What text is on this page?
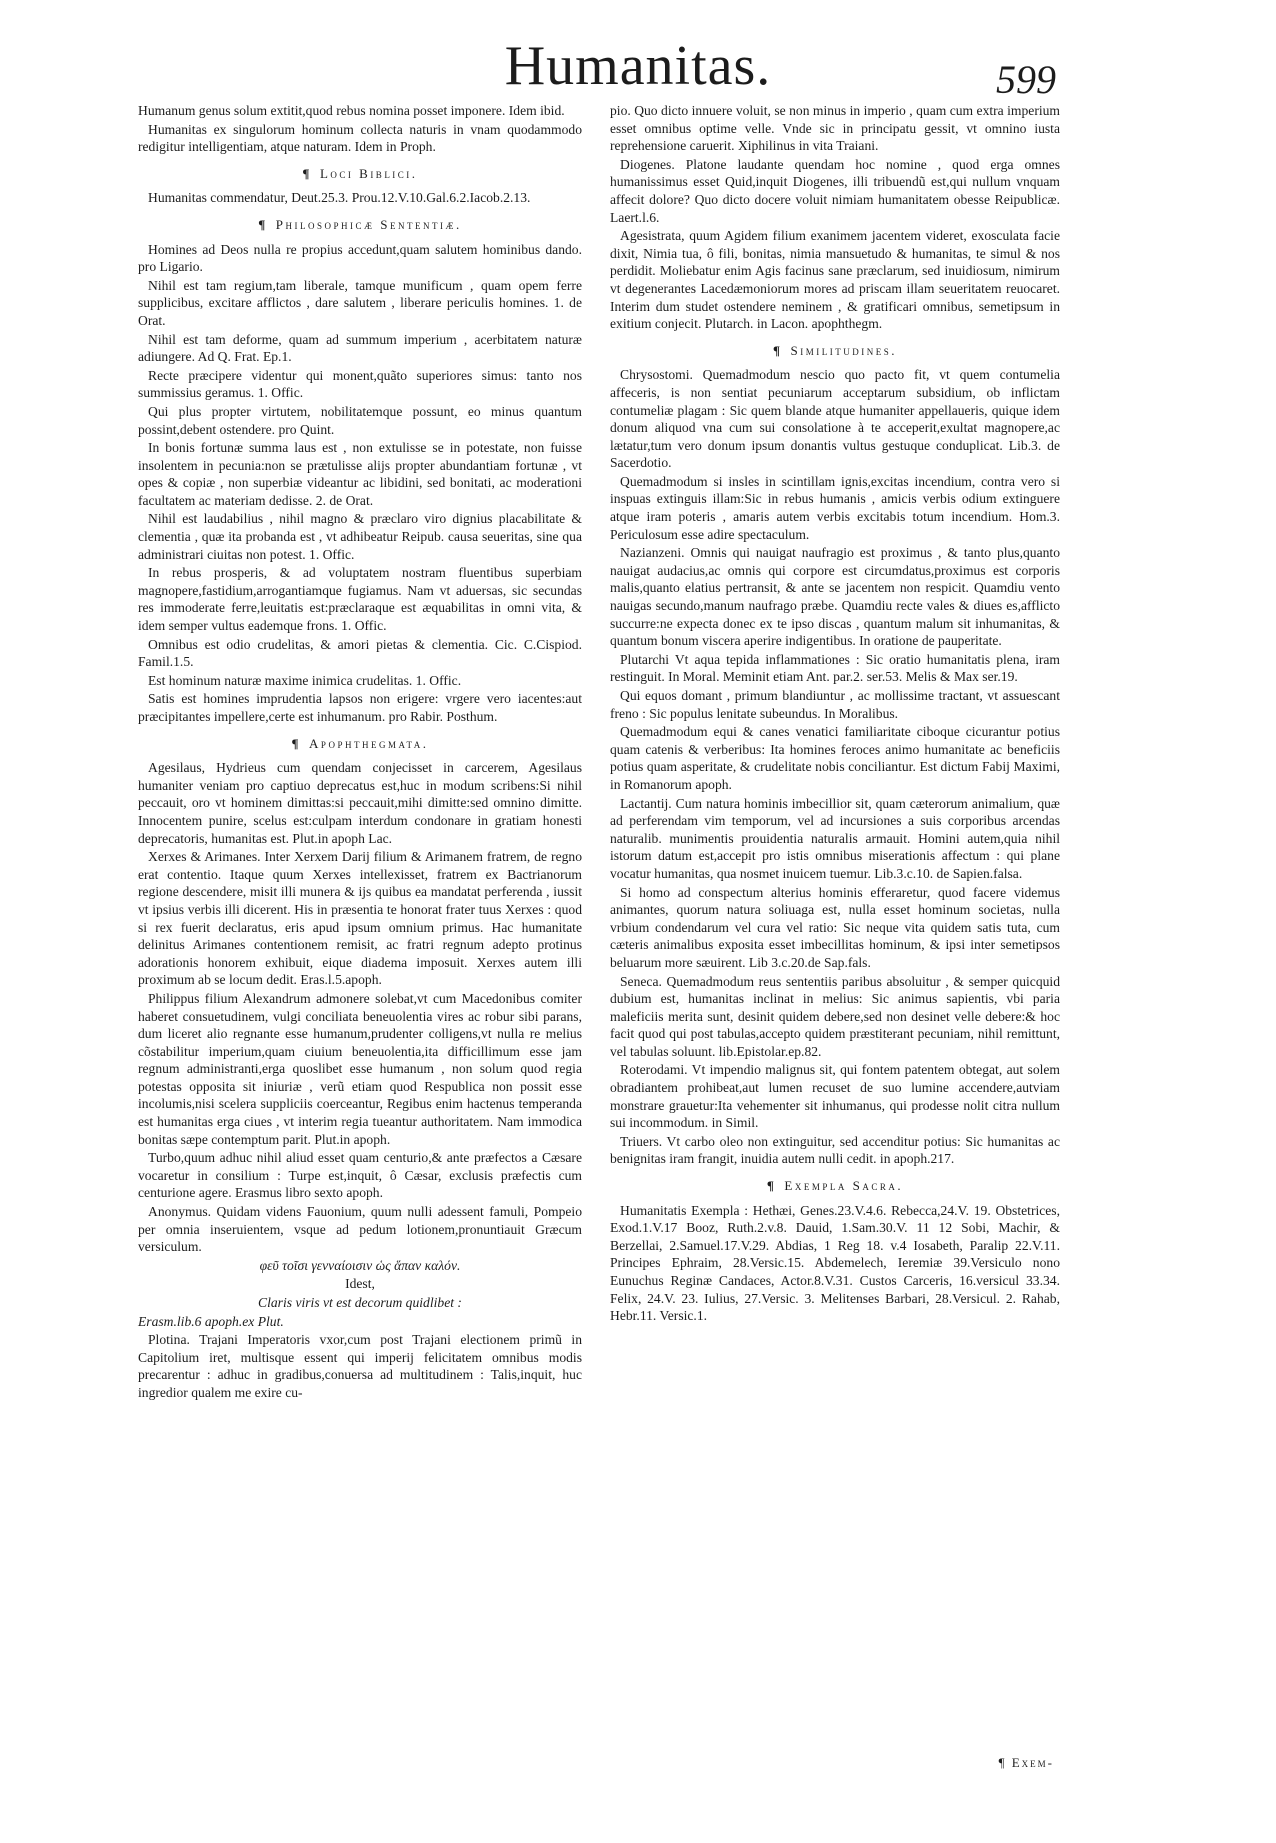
Humanitas.	599

Humanum genus solum extitit,quod rebus nomina posset imponere. Idem ibid.

Humanitas ex singulorum hominum collecta naturis in vnam quodammodo redigitur intelligentiam, atque naturam. Idem in Proph.

¶ Loci Biblici.

Humanitas commendatur, Deut.25.3. Prou.12.V.10.Gal.6.2.Iacob.2.13.

¶ Philosophicæ Sententiæ.

Homines ad Deos nulla re propius accedunt,quam salutem hominibus dando. pro Ligario.

Nihil est tam regium,tam liberale, tamque munificum , quam opem ferre supplicibus, excitare afflictos , dare salutem , liberare periculis homines. 1. de Orat.

Nihil est tam deforme, quam ad summum imperium , acerbitatem naturæ adiungere. Ad Q. Frat. Ep.1.

Recte præcipere videntur qui monent,quãto superiores simus: tanto nos summissius geramus. 1. Offic.

Qui plus propter virtutem, nobilitatemque possunt, eo minus quantum possint,debent ostendere. pro Quint.

In bonis fortunæ summa laus est , non extulisse se in potestate, non fuisse insolentem in pecunia:non se prætulisse alijs propter abundantiam fortunæ , vt opes & copiæ , non superbiæ videantur ac libidini, sed bonitati, ac moderationi facultatem ac materiam dedisse. 2. de Orat.

Nihil est laudabilius , nihil magno & præclaro viro dignius placabilitate & clementia , quæ ita probanda est , vt adhibeatur Reipub. causa seueritas, sine qua administrari ciuitas non potest. 1. Offic.

In rebus prosperis, & ad voluptatem nostram fluentibus superbiam magnopere,fastidium,arrogantiamque fugiamus. Nam vt aduersas, sic secundas res immoderate ferre,leuitatis est:præclaraque est æquabilitas in omni vita, & idem semper vultus eademque frons. 1. Offic.

Omnibus est odio crudelitas, & amori pietas & clementia. Cic. C.Cispiod. Famil.1.5.

Est hominum naturæ maxime inimica crudelitas. 1. Offic.

Satis est homines imprudentia lapsos non erigere: vrgere vero iacentes:aut præcipitantes impellere,certe est inhumanum. pro Rabir. Posthum.

¶ Apophthegmata.

Agesilaus, Hydrieus cum quendam conjecisset in carcerem, Agesilaus humaniter veniam pro captiuo deprecatus est,huc in modum scribens:Si nihil peccauit, oro vt hominem dimittas:si peccauit,mihi dimitte:sed omnino dimitte. Innocentem punire, scelus est:culpam interdum condonare in gratiam honesti deprecatoris, humanitas est. Plut.in apoph Lac.

Xerxes & Arimanes. Inter Xerxem Darij filium & Arimanem fratrem, de regno erat contentio. Itaque quum Xerxes intellexisset, fratrem ex Bactrianorum regione descendere, misit illi munera & ijs quibus ea mandatat perferenda , iussit vt ipsius verbis illi dicerent. His in præsentia te honorat frater tuus Xerxes : quod si rex fuerit declaratus, eris apud ipsum omnium primus. Hac humanitate delinitus Arimanes contentionem remisit, ac fratri regnum adepto protinus adorationis honorem exhibuit, eique diadema imposuit. Xerxes autem illi proximum ab se locum dedit. Eras.l.5.apoph.

Philippus filium Alexandrum admonere solebat,vt cum Macedonibus comiter haberet consuetudinem, vulgi conciliata beneuolentia vires ac robur sibi parans, dum liceret alio regnante esse humanum,prudenter colligens,vt nulla re melius cõstabilitur imperium,quam ciuium beneuolentia,ita difficillimum esse jam regnum administranti,erga quoslibet esse humanum , non solum quod regia potestas opposita sit iniuriæ , verũ etiam quod Respublica non possit esse incolumis,nisi scelera suppliciis coerceantur, Regibus enim hactenus temperanda est humanitas erga ciues , vt interim regia tueantur authoritatem. Nam immodica bonitas sæpe contemptum parit. Plut.in apoph.

Turbo,quum adhuc nihil aliud esset quam centurio,& ante præfectos a Cæsare vocaretur in consilium : Turpe est,inquit, ô Cæsar, exclusis præfectis cum centurione agere. Erasmus libro sexto apoph.

Anonymus. Quidam videns Fauonium, quum nulli adessent famuli, Pompeio per omnia inseruientem, vsque ad pedum lotionem,pronuntiauit Græcum versiculum.

φεῦ τοῖσι γενναίοισιν ὡς ἅπαν καλόν.
Idest,
Claris viris vt est decorum quidlibet :

Erasm.lib.6 apoph.ex Plut.

Plotina. Trajani Imperatoris vxor,cum post Trajani electionem primũ in Capitolium iret, multisque essent qui imperij felicitatem omnibus modis precarentur : adhuc in gradibus,conuersa ad multitudinem : Talis,inquit, huc ingredior qualem me exire cu-

pio. Quo dicto innuere voluit, se non minus in imperio , quam cum extra imperium esset omnibus optime velle. Vnde sic in principatu gessit, vt omnino iusta reprehensione caruerit. Xiphilinus in vita Traiani.

Diogenes. Platone laudante quendam hoc nomine , quod erga omnes humanissimus esset Quid,inquit Diogenes, illi tribuendũ est,qui nullum vnquam affecit dolore? Quo dicto docere voluit nimiam humanitatem obesse Reipublicæ. Laert.l.6.

Agesistrata, quum Agidem filium exanimem jacentem videret, exosculata facie dixit, Nimia tua, ô fili, bonitas, nimia mansuetudo & humanitas, te simul & nos perdidit. Moliebatur enim Agis facinus sane præclarum, sed inuidiosum, nimirum vt degenerantes Lacedæmoniorum mores ad priscam illam seueritatem reuocaret. Interim dum studet ostendere neminem , & gratificari omnibus, semetipsum in exitium conjecit. Plutarch. in Lacon. apophthegm.

¶ Similitudines.

Chrysostomi. Quemadmodum nescio quo pacto fit, vt quem contumelia affeceris, is non sentiat pecuniarum acceptarum subsidium, ob inflictam contumeliæ plagam : Sic quem blande atque humaniter appellaueris, quique idem donum aliquod vna cum sui consolatione à te acceperit,exultat magnopere,ac lætatur,tum vero donum ipsum donantis vultus gestuque conduplicat. Lib.3. de Sacerdotio.

Quemadmodum si insles in scintillam ignis,excitas incendium, contra vero si inspuas extinguis illam:Sic in rebus humanis , amicis verbis odium extinguere atque iram poteris , amaris autem verbis excitabis totum incendium. Hom.3. Periculosum esse adire spectaculum.

Nazianzeni. Omnis qui nauigat naufragio est proximus , & tanto plus,quanto nauigat audacius,ac omnis qui corpore est circumdatus,proximus est corporis malis,quanto elatius pertransit, & ante se jacentem non respicit. Quamdiu vento nauigas secundo,manum naufrago præbe. Quamdiu recte vales & diues es,afflicto succurre:ne expecta donec ex te ipso discas , quantum malum sit inhumanitas, & quantum bonum viscera aperire indigentibus. In oratione de pauperitate.

Plutarchi Vt aqua tepida inflammationes : Sic oratio humanitatis plena, iram restinguit. In Moral. Meminit etiam Ant. par.2. ser.53. Melis & Max ser.19.

Qui equos domant , primum blandiuntur , ac mollissime tractant, vt assuescant freno : Sic populus lenitate subeundus. In Moralibus.

Quemadmodum equi & canes venatici familiaritate ciboque cicurantur potius quam catenis & verberibus: Ita homines feroces animo humanitate ac beneficiis potius quam asperitate, & crudelitate nobis conciliantur. Est dictum Fabij Maximi, in Romanorum apoph.

Lactantij. Cum natura hominis imbecillior sit, quam cæterorum animalium, quæ ad perferendam vim temporum, vel ad incursiones a suis corporibus arcendas naturalib. munimentis prouidentia naturalis armauit. Homini autem,quia nihil istorum datum est,accepit pro istis omnibus miserationis affectum : qui plane vocatur humanitas, qua nosmet inuicem tuemur. Lib.3.c.10. de Sapien.falsa.

Si homo ad conspectum alterius hominis efferaretur, quod facere videmus animantes, quorum natura soliuaga est, nulla esset hominum societas, nulla vrbium condendarum vel cura vel ratio: Sic neque vita quidem satis tuta, cum cæteris animalibus exposita esset imbecillitas hominum, & ipsi inter semetipsos beluarum more sæuirent. Lib 3.c.20.de Sap.fals.

Seneca. Quemadmodum reus sententiis paribus absoluitur , & semper quicquid dubium est, humanitas inclinat in melius: Sic animus sapientis, vbi paria maleficiis merita sunt, desinit quidem debere,sed non desinet velle debere:& hoc facit quod qui post tabulas,accepto quidem præstiterant pecuniam, nihil remittunt, vel tabulas soluunt. lib.Epistolar.ep.82.

Roterodami. Vt impendio malignus sit, qui fontem patentem obtegat, aut solem obradiantem prohibeat,aut lumen recuset de suo lumine accendere,autviam monstrare grauetur:Ita vehementer sit inhumanus, qui prodesse nolit citra nullum sui incommodum. in Simil.

Triuers. Vt carbo oleo non extinguitur, sed accenditur potius: Sic humanitas ac benignitas iram frangit, inuidia autem nulli cedit. in apoph.217.

¶ Exempla Sacra.

Humanitatis Exempla : Hethæi, Genes.23.V.4.6. Rebecca,24.V. 19. Obstetrices, Exod.1.V.17 Booz, Ruth.2.v.8. Dauid, 1.Sam.30.V. 11 12 Sobi, Machir, & Berzellai, 2.Samuel.17.V.29. Abdias, 1 Reg 18. v.4 Iosabeth, Paralip 22.V.11. Principes Ephraim, 28.Versic.15. Abdemelech, Ieremiæ 39.Versiculo nono Eunuchus Reginæ Candaces, Actor.8.V.31. Custos Carceris, 16.versicul 33.34. Felix, 24.V. 23. Iulius, 27.Versic. 3. Melitenses Barbari, 28.Versicul. 2. Rahab, Hebr.11. Versic.1.

¶ Exem-
